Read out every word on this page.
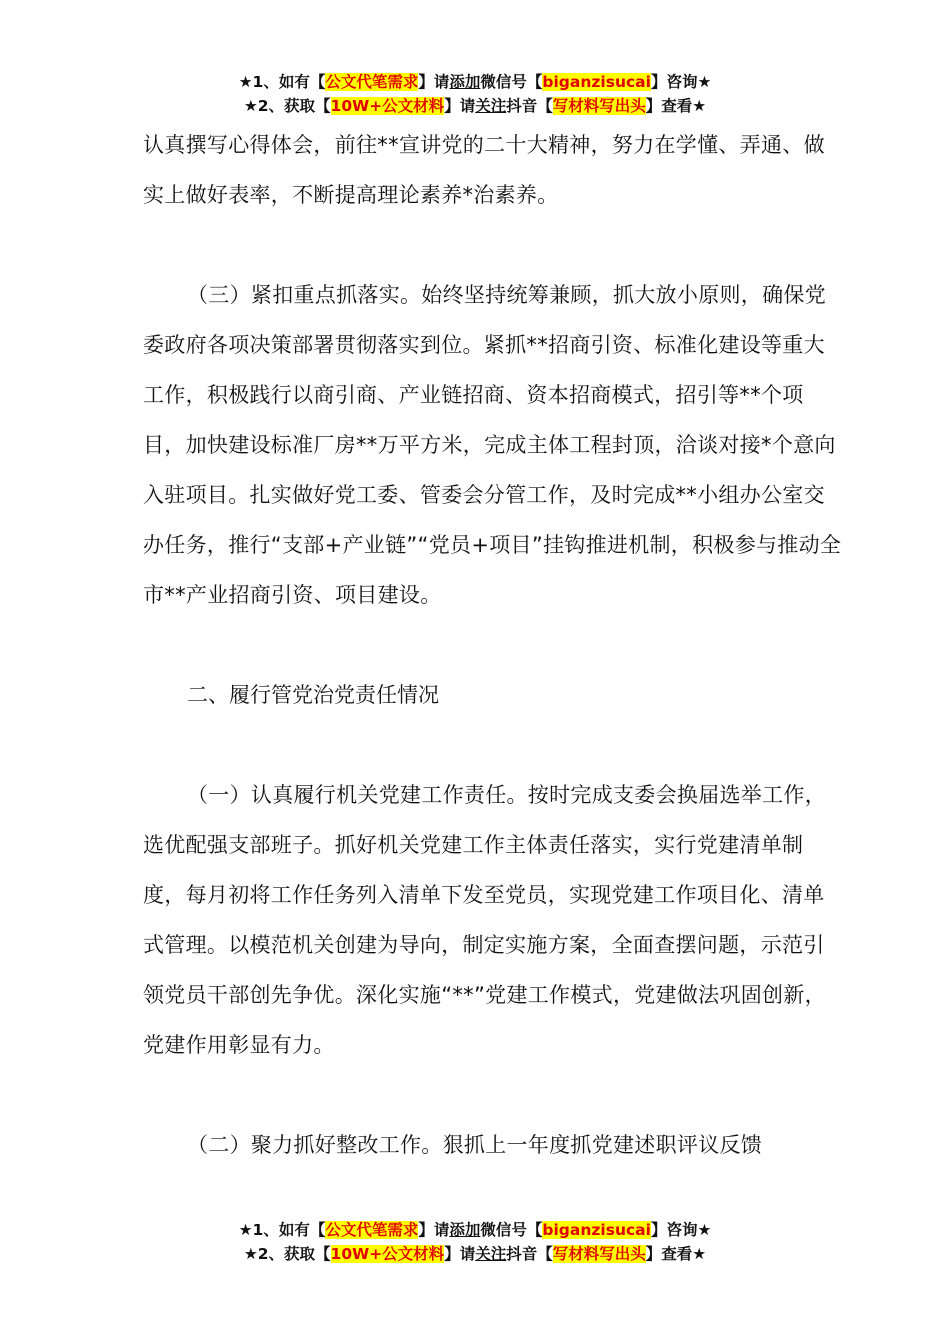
★1、如有【公文代笔需求】请添加微信号【biganzisucai】咨询★
★2、获取【10W+公文材料】请关注抖音【写材料写出头】查看★

认真撰写心得体会，前往**宣讲党的二十大精神，努力在学懂、弄通、做实上做好表率，不断提高理论素养*治素养。

（三）紧扣重点抓落实。始终坚持统筹兼顾，抓大放小原则，确保党委政府各项决策部署贯彻落实到位。紧抓**招商引资、标准化建设等重大工作，积极践行以商引商、产业链招商、资本招商模式，招引等**个项目，加快建设标准厂房**万平方米，完成主体工程封顶，洽谈对接*个意向入驻项目。扎实做好党工委、管委会分管工作，及时完成**小组办公室交办任务，推行“支部+产业链”“党员+项目”挂钩推进机制，积极参与推动全市**产业招商引资、项目建设。

二、履行管党治党责任情况

（一）认真履行机关党建工作责任。按时完成支委会换届选举工作，选优配强支部班子。抓好机关党建工作主体责任落实，实行党建清单制度，每月初将工作任务列入清单下发至党员，实现党建工作项目化、清单式管理。以模范机关创建为导向，制定实施方案，全面查摆问题，示范引领党员干部创先争优。深化实施“**”党建工作模式，党建做法巩固创新，党建作用彰显有力。

（二）聚力抓好整改工作。狠抓上一年度抓党建述职评议反馈

★1、如有【公文代笔需求】请添加微信号【biganzisucai】咨询★
★2、获取【10W+公文材料】请关注抖音【写材料写出头】查看★
